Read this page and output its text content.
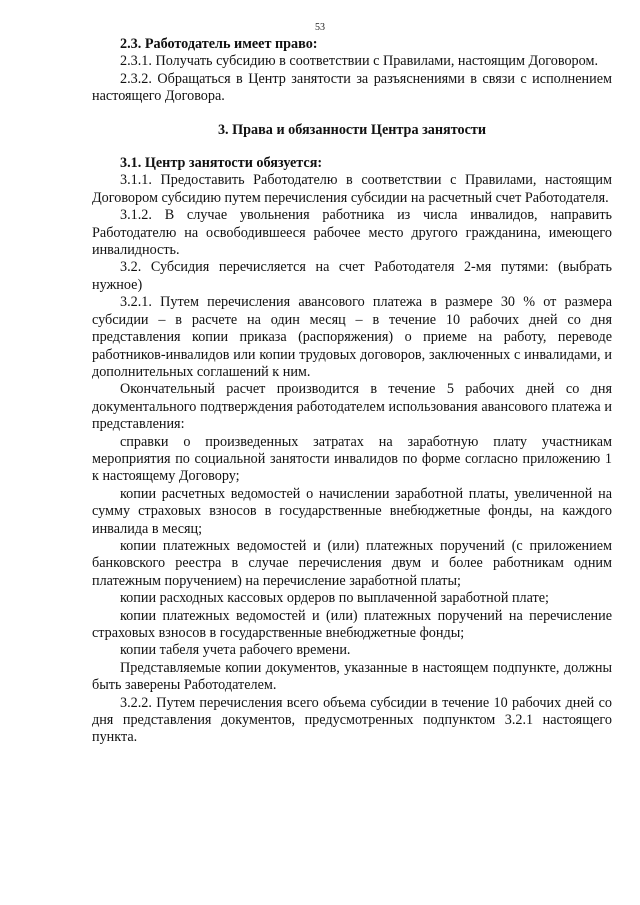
53

2.3. Работодатель имеет право:

2.3.1. Получать субсидию в соответствии с Правилами, настоящим Договором.

2.3.2. Обращаться в Центр занятости за разъяснениями в связи с исполнением настоящего Договора.

3. Права и обязанности Центра занятости

3.1. Центр занятости обязуется:

3.1.1. Предоставить Работодателю в соответствии с Правилами, настоящим Договором субсидию путем перечисления субсидии на расчетный счет Работодателя.

3.1.2. В случае увольнения работника из числа инвалидов, направить Работодателю на освободившееся рабочее место другого гражданина, имеющего инвалидность.

3.2. Субсидия перечисляется на счет Работодателя 2-мя путями: (выбрать нужное)

3.2.1. Путем перечисления авансового платежа в размере 30 % от размера субсидии – в расчете на один месяц – в течение 10 рабочих дней со дня представления копии приказа (распоряжения) о приеме на работу, переводе работников-инвалидов или копии трудовых договоров, заключенных с инвалидами, и дополнительных соглашений к ним.

Окончательный расчет производится в течение 5 рабочих дней со дня документального подтверждения работодателем использования авансового платежа и представления:

справки о произведенных затратах на заработную плату участникам мероприятия по социальной занятости инвалидов по форме согласно приложению 1 к настоящему Договору;

копии расчетных ведомостей о начислении заработной платы, увеличенной на сумму страховых взносов в государственные внебюджетные фонды, на каждого инвалида в месяц;

копии платежных ведомостей и (или) платежных поручений (с приложением банковского реестра в случае перечисления двум и более работникам одним платежным поручением) на перечисление заработной платы;

копии расходных кассовых ордеров по выплаченной заработной плате;

копии платежных ведомостей и (или) платежных поручений на перечисление страховых взносов в государственные внебюджетные фонды;

копии табеля учета рабочего времени.

Представляемые копии документов, указанные в настоящем подпункте, должны быть заверены Работодателем.

3.2.2. Путем перечисления всего объема субсидии в течение 10 рабочих дней со дня представления документов, предусмотренных подпунктом 3.2.1 настоящего пункта.
